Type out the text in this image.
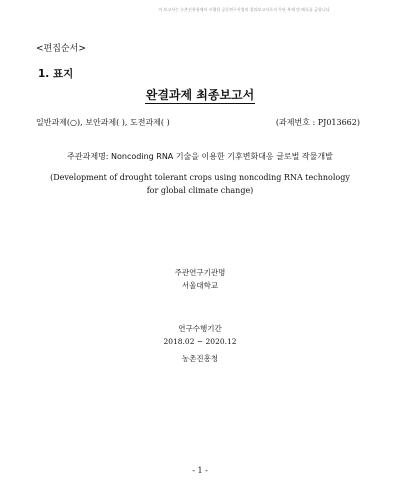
이 보고서는 농촌진흥청에서 시행한 공동연구사업의 결과보고서로서 무단 복제 및 배포를 금합니다
<편집순서>
1. 표지
완결과제 최종보고서
일반과제(○), 보안과제( ), 도전과제( )	(과제번호 : PJ013662)
주관과제명: Noncoding RNA 기술을 이용한 기후변화대응 글로벌 작물개발
(Development of drought tolerant crops using noncoding RNA technology
for global climate change)
주관연구기관명
서울대학교
연구수행기간
2018.02 ~ 2020.12
농촌진흥청
- 1 -
